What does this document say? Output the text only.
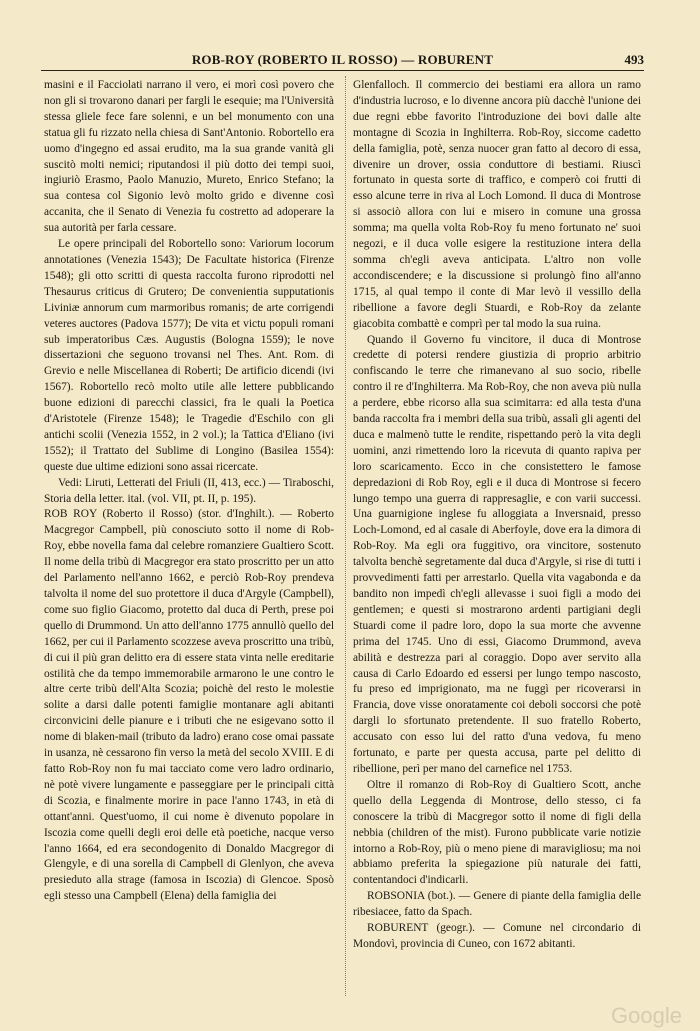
ROB-ROY (ROBERTO IL ROSSO) — ROBURENT	493

masini e il Facciolati narrano il vero, ei morì così povero che non gli si trovarono danari per fargli le esequie; ma l'Università stessa gliele fece fare solenni, e un bel monumento con una statua gli fu rizzato nella chiesa di Sant'Antonio. Robortello era uomo d'ingegno ed assai erudito, ma la sua grande vanità gli suscitò molti nemici; riputandosi il più dotto dei tempi suoi, ingiuriò Erasmo, Paolo Manuzio, Mureto, Enrico Stefano; la sua contesa col Sigonio levò molto grido e divenne così accanita, che il Senato di Venezia fu costretto ad adoperare la sua autorità per farla cessare.

Le opere principali del Robortello sono: Variorum locorum annotationes (Venezia 1543); De Facultate historica (Firenze 1548); gli otto scritti di questa raccolta furono riprodotti nel Thesaurus criticus di Grutero; De convenientia supputationis Liviniæ annorum cum marmoribus romanis; de arte corrigendi veteres auctores (Padova 1577); De vita et victu populi romani sub imperatoribus Cæs. Augustis (Bologna 1559); le nove dissertazioni che seguono trovansi nel Thes. Ant. Rom. di Grevio e nelle Miscellanea di Roberti; De artificio dicendi (ivi 1567). Robortello recò molto utile alle lettere pubblicando buone edizioni di parecchi classici, fra le quali la Poetica d'Aristotele (Firenze 1548); le Tragedie d'Eschilo con gli antichi scolii (Venezia 1552, in 2 vol.); la Tattica d'Eliano (ivi 1552); il Trattato del Sublime di Longino (Basilea 1554): queste due ultime edizioni sono assai ricercate.

Vedi: Liruti, Letterati del Friuli (II, 413, ecc.) — Tiraboschi, Storia della letter. ital. (vol. VII, pt. II, p. 195).

ROB ROY (Roberto il Rosso) (stor. d'Inghilt.). — Roberto Macgregor Campbell, più conosciuto sotto il nome di Rob-Roy, ebbe novella fama dal celebre romanziere Gualtiero Scott. Il nome della tribù di Macgregor era stato proscritto per un atto del Parlamento nell'anno 1662, e perciò Rob-Roy prendeva talvolta il nome del suo protettore il duca d'Argyle (Campbell), come suo figlio Giacomo, protetto dal duca di Perth, prese poi quello di Drummond. Un atto dell'anno 1775 annullò quello del 1662, per cui il Parlamento scozzese aveva proscritto una tribù, di cui il più gran delitto era di essere stata vinta nelle ereditarie ostilità che da tempo immemorabile armarono le une contro le altre certe tribù dell'Alta Scozia; poichè del resto le molestie solite a darsi dalle potenti famiglie montanare agli abitanti circonvicini delle pianure e i tributi che ne esigevano sotto il nome di blaken-mail (tributo da ladro) erano cose omai passate in usanza, nè cessarono fin verso la metà del secolo XVIII. E di fatto Rob-Roy non fu mai tacciato come vero ladro ordinario, nè potè vivere lungamente e passeggiare per le principali città di Scozia, e finalmente morire in pace l'anno 1743, in età di ottant'anni. Quest'uomo, il cui nome è divenuto popolare in Iscozia come quelli degli eroi delle età poetiche, nacque verso l'anno 1664, ed era secondogenito di Donaldo Macgregor di Glengyle, e di una sorella di Campbell di Glenlyon, che aveva presieduto alla strage (famosa in Iscozia) di Glencoe. Sposò egli stesso una Campbell (Elena) della famiglia dei

Glenfalloch. Il commercio dei bestiami era allora un ramo d'industria lucroso, e lo divenne ancora più dacchè l'unione dei due regni ebbe favorito l'introduzione dei bovi dalle alte montagne di Scozia in Inghilterra. Rob-Roy, siccome cadetto della famiglia, potè, senza nuocer gran fatto al decoro di essa, divenire un drover, ossia conduttore di bestiami. Riuscì fortunato in questa sorte di traffico, e comperò coi frutti di esso alcune terre in riva al Loch Lomond. Il duca di Montrose si associò allora con lui e misero in comune una grossa somma; ma quella volta Rob-Roy fu meno fortunato ne' suoi negozi, e il duca volle esigere la restituzione intera della somma ch'egli aveva anticipata. L'altro non volle accondiscendere; e la discussione si prolungò fino all'anno 1715, al qual tempo il conte di Mar levò il vessillo della ribellione a favore degli Stuardi, e Rob-Roy da zelante giacobita combattè e comprì per tal modo la sua ruina.

Quando il Governo fu vincitore, il duca di Montrose credette di potersi rendere giustizia di proprio arbitrio confiscando le terre che rimanevano al suo socio, ribelle contro il re d'Inghilterra. Ma Rob-Roy, che non aveva più nulla a perdere, ebbe ricorso alla sua scimitarra: ed alla testa d'una banda raccolta fra i membri della sua tribù, assalì gli agenti del duca e malmenò tutte le rendite, rispettando però la vita degli uomini, anzi rimettendo loro la ricevuta di quanto rapiva per loro scaricamento. Ecco in che consistettero le famose depredazioni di Rob Roy, egli e il duca di Montrose si fecero lungo tempo una guerra di rappresaglie, e con varii successi. Una guarnigione inglese fu alloggiata a Inversnaid, presso Loch-Lomond, ed al casale di Aberfoyle, dove era la dimora di Rob-Roy. Ma egli ora fuggitivo, ora vincitore, sostenuto talvolta benchè segretamente dal duca d'Argyle, si rise di tutti i provvedimenti fatti per arrestarlo. Quella vita vagabonda e da bandito non impedì ch'egli allevasse i suoi figli a modo dei gentlemen; e questi si mostrarono ardenti partigiani degli Stuardi come il padre loro, dopo la sua morte che avvenne prima del 1745. Uno di essi, Giacomo Drummond, aveva abilità e destrezza pari al coraggio. Dopo aver servito alla causa di Carlo Edoardo ed essersi per lungo tempo nascosto, fu preso ed imprigionato, ma ne fuggì per ricoverarsi in Francia, dove visse onoratamente coi deboli soccorsi che potè dargli lo sfortunato pretendente. Il suo fratello Roberto, accusato con esso lui del ratto d'una vedova, fu meno fortunato, e parte per questa accusa, parte pel delitto di ribellione, perì per mano del carnefice nel 1753.

Oltre il romanzo di Rob-Roy di Gualtiero Scott, anche quello della Leggenda di Montrose, dello stesso, ci fa conoscere la tribù di Macgregor sotto il nome di figli della nebbia (children of the mist). Furono pubblicate varie notizie intorno a Rob-Roy, più o meno piene di maravigliosu; ma noi abbiamo preferita la spiegazione più naturale dei fatti, contentandoci d'indicarli.

ROBSONIA (bot.). — Genere di piante della famiglia delle ribesiacee, fatto da Spach.

ROBURENT (geogr.). — Comune nel circondario di Mondovì, provincia di Cuneo, con 1672 abitanti.

Google
